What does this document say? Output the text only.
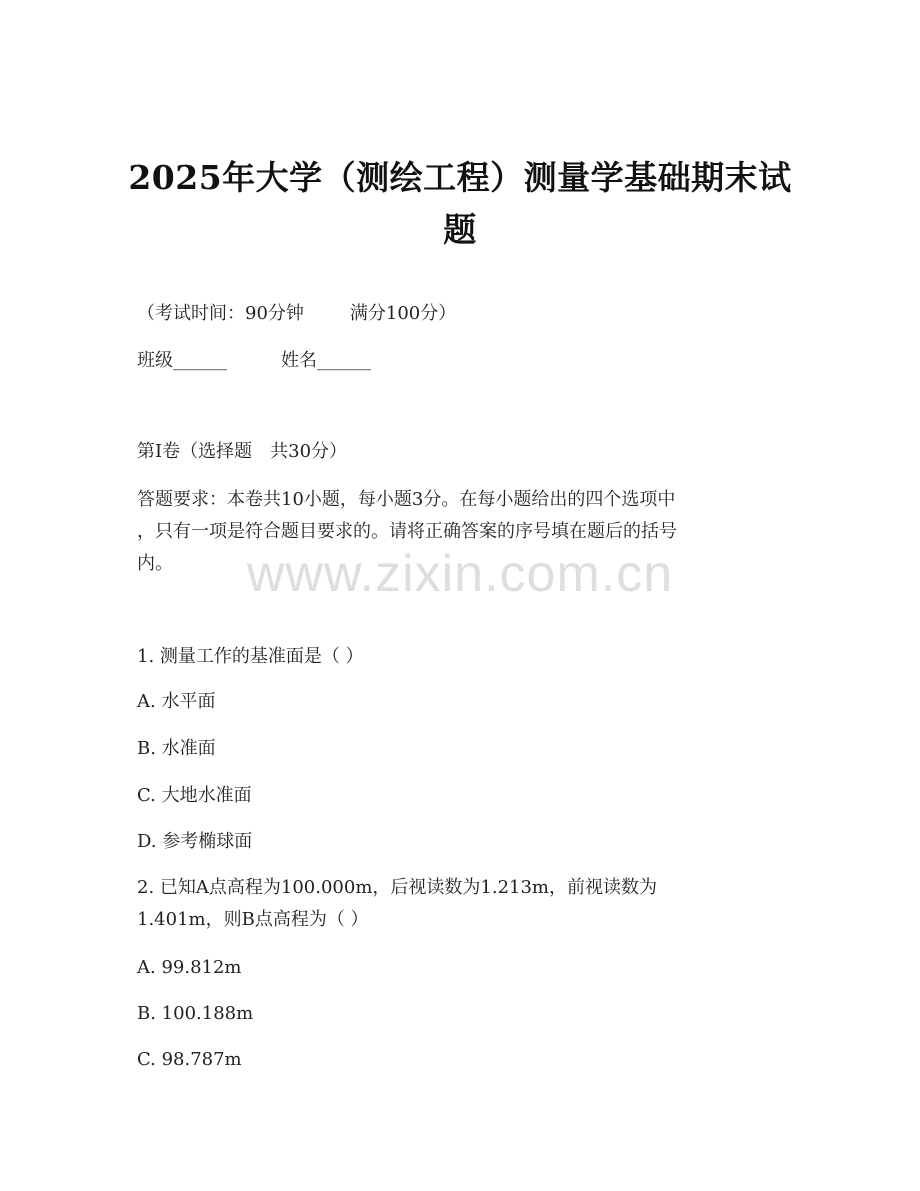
2025年大学（测绘工程）测量学基础期末试
题
（考试时间：90分钟	满分100分）
班级______	姓名______
第I卷（选择题 共30分）
答题要求：本卷共10小题，每小题3分。在每小题给出的四个选项中
，只有一项是符合题目要求的。请将正确答案的序号填在题后的括号
内。	www.zixin.com.cn
1. 测量工作的基准面是（ ）
A. 水平面
B. 水准面
C. 大地水准面
D. 参考椭球面
2. 已知A点高程为100.000m，后视读数为1.213m，前视读数为
1.401m，则B点高程为（ ）
A. 99.812m
B. 100.188m
C. 98.787m
